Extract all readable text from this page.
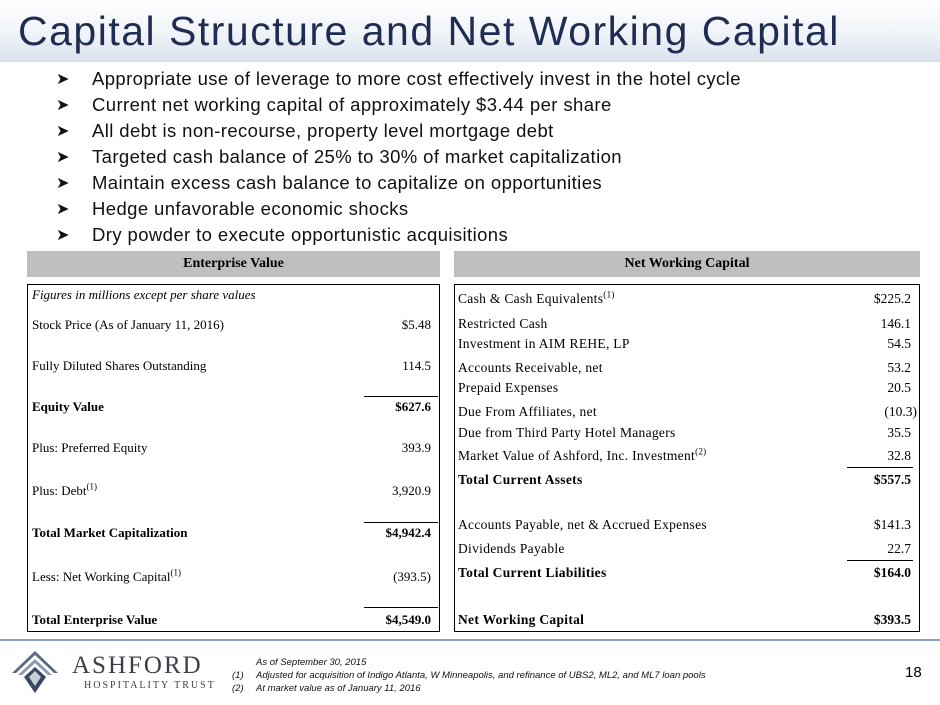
Capital Structure and Net Working Capital
➤	Appropriate use of leverage to more cost effectively invest in the hotel cycle
➤	Current net working capital of approximately $3.44 per share
➤	All debt is non-recourse, property level mortgage debt
➤	Targeted cash balance of 25% to 30% of market capitalization
➤	Maintain excess cash balance to capitalize on opportunities
➤	Hedge unfavorable economic shocks
➤	Dry powder to execute opportunistic acquisitions
Enterprise Value
Figures in millions except per share values
Stock Price (As of January 11, 2016)	$5.48
Fully Diluted Shares Outstanding	114.5
Equity Value	$627.6
Plus: Preferred Equity	393.9
Plus: Debt$^{(1)}$	3,920.9
Total Market Capitalization	$4,942.4
Less: Net Working Capital$^{(1)}$	(393.5)
Total Enterprise Value	$4,549.0
Net Working Capital
Cash & Cash Equivalents$^{(1)}$	$225.2
Restricted Cash	146.1
Investment in AIM REHE, LP	54.5
Accounts Receivable, net	53.2
Prepaid Expenses	20.5
Due From Affiliates, net	(10.3)
Due from Third Party Hotel Managers	35.5
Market Value of Ashford, Inc. Investment$^{(2)}$	32.8
Total Current Assets	$557.5
Accounts Payable, net & Accrued Expenses	$141.3
Dividends Payable	22.7
Total Current Liabilities	$164.0
Net Working Capital	$393.5
ASHFORD
HOSPITALITY TRUST
As of September 30, 2015
(1)	Adjusted for acquisition of Indigo Atlanta, W Minneapolis, and refinance of UBS2, ML2, and ML7 loan pools
(2)	At market value as of January 11, 2016
18
